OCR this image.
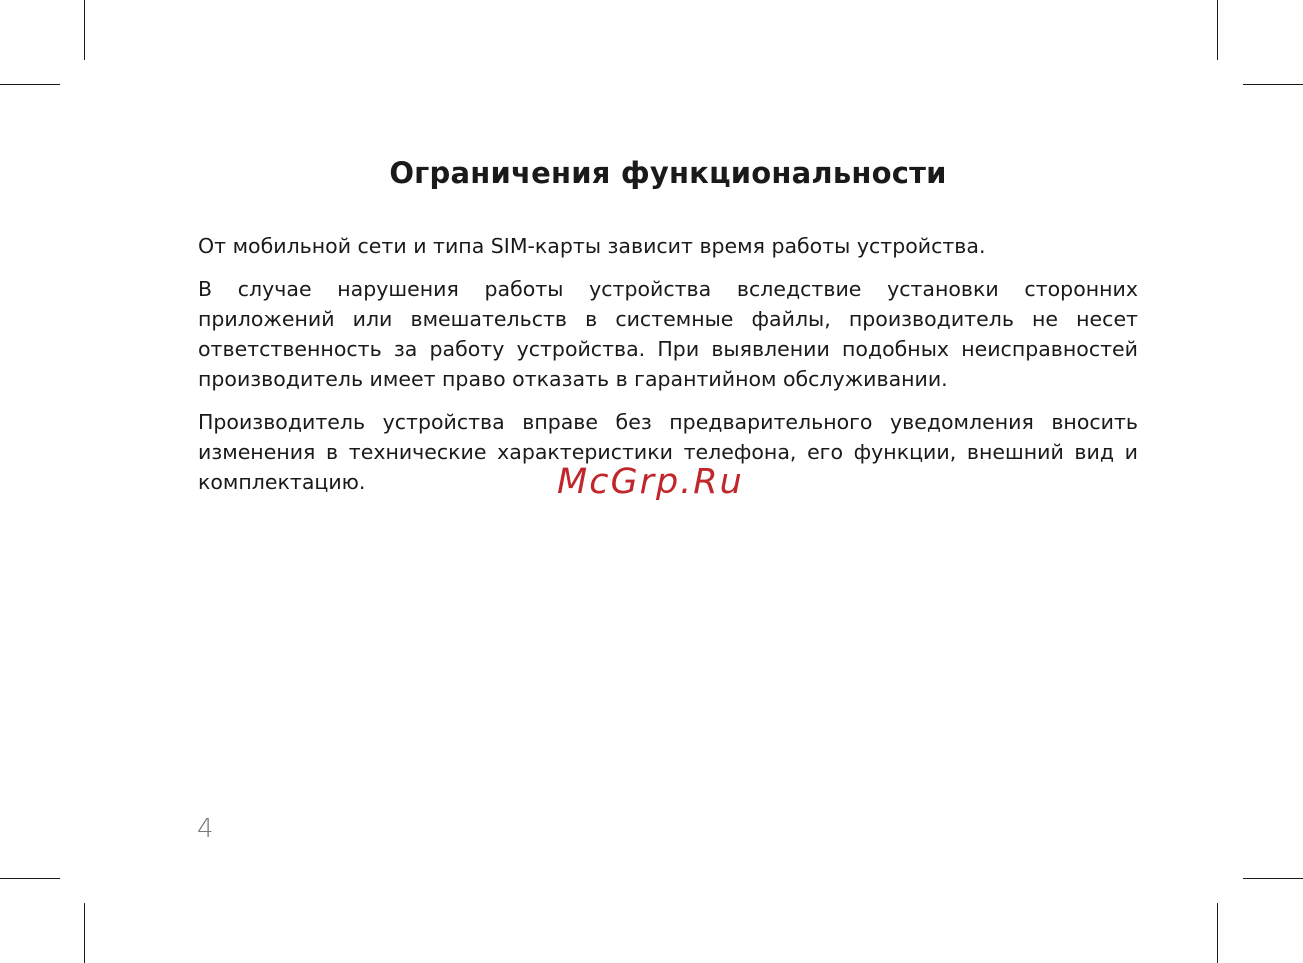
Ограничения функциональности

От мобильной сети и типа SIM-карты зависит время работы устройства.

В случае нарушения работы устройства вследствие установки сторонних приложений или вмешательств в системные файлы, производитель не несет ответственность за работу устройства. При выявлении подобных неисправностей производитель имеет право отказать в гарантийном обслуживании.

Производитель устройства вправе без предварительного уведомления вносить изменения в технические характеристики телефона, его функции, внешний вид и комплектацию.	McGrp.Ru
4
